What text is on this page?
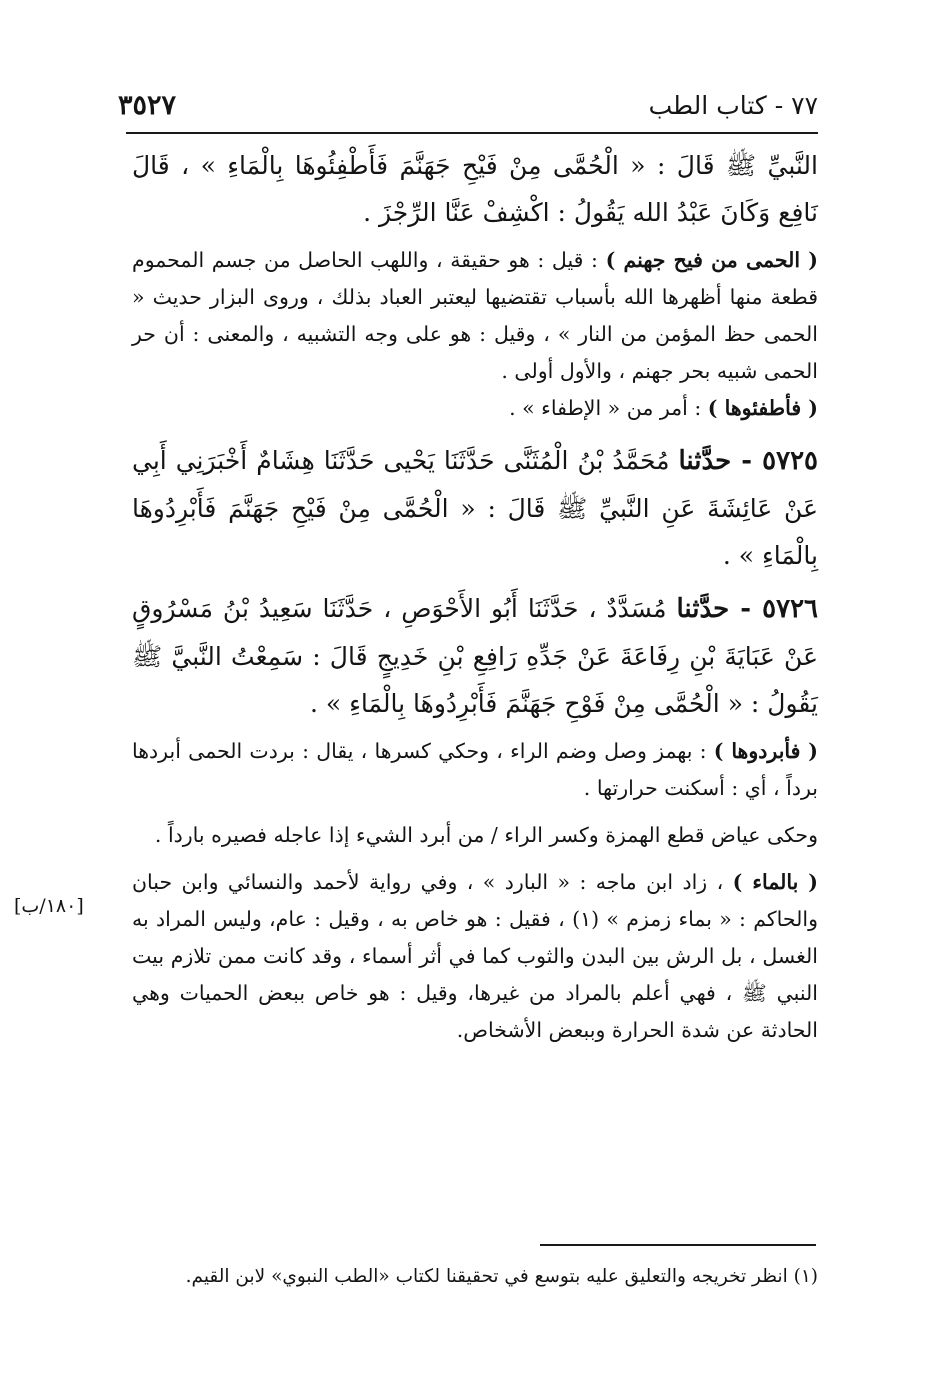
٧٧ - كتاب الطب
٣٥٢٧

النَّبيِّ ﷺ قَالَ : « الْحُمَّى مِنْ فَيْحِ جَهَنَّمَ فَأَطْفِئُوهَا بِالْمَاءِ » ، قَالَ نَافِع وَكَانَ عَبْدُ الله يَقُولُ : اكْشِفْ عَنَّا الرِّجْزَ .

( الحمى من فيح جهنم ) : قيل : هو حقيقة ، واللهب الحاصل من جسم المحموم قطعة منها أظهرها الله بأسباب تقتضيها ليعتبر العباد بذلك ، وروى البزار حديث « الحمى حظ المؤمن من النار » ، وقيل : هو على وجه التشبيه ، والمعنى : أن حر الحمى شبيه بحر جهنم ، والأول أولى .

( فأطفئوها ) : أمر من « الإطفاء » .

٥٧٢٥ - حدَّثنا مُحَمَّدُ بْنُ الْمُثَنَّى حَدَّثَنَا يَحْيى حَدَّثَنَا هِشَامٌ أَخْبَرَنِي أَبِي عَنْ عَائِشَةَ عَنِ النَّبيِّ ﷺ قَالَ : « الْحُمَّى مِنْ فَيْحِ جَهَنَّمَ فَأَبْرِدُوهَا بِالْمَاءِ » .

٥٧٢٦ - حدَّثنا مُسَدَّدٌ ، حَدَّثَنَا أَبُو الأَحْوَصِ ، حَدَّثَنَا سَعِيدُ بْنُ مَسْرُوقٍ عَنْ عَبَايَةَ بْنِ رِفَاعَةَ عَنْ جَدِّهِ رَافِعِ بْنِ خَدِيجٍ قَالَ : سَمِعْتُ النَّبيَّ ﷺ يَقُولُ : « الْحُمَّى مِنْ فَوْحِ جَهَنَّمَ فَأَبْرِدُوهَا بِالْمَاءِ » .

( فأبردوها ) : بهمز وصل وضم الراء ، وحكي كسرها ، يقال : بردت الحمى أبردها برداً ، أي : أسكنت حرارتها .

وحكى عياض قطع الهمزة وكسر الراء / من أبرد الشيء إذا عاجله فصيره بارداً .

( بالماء ) ، زاد ابن ماجه : « البارد » ، وفي رواية لأحمد والنسائي وابن حبان والحاكم : « بماء زمزم » (١) ، فقيل : هو خاص به ، وقيل : عام، وليس المراد به الغسل ، بل الرش بين البدن والثوب كما في أثر أسماء ، وقد كانت ممن تلازم بيت النبي ﷺ ، فهي أعلم بالمراد من غيرها، وقيل : هو خاص ببعض الحميات وهي الحادثة عن شدة الحرارة وببعض الأشخاص.

[١٨٠/ب]
(١) انظر تخريجه والتعليق عليه بتوسع في تحقيقنا لكتاب «الطب النبوي» لابن القيم.
